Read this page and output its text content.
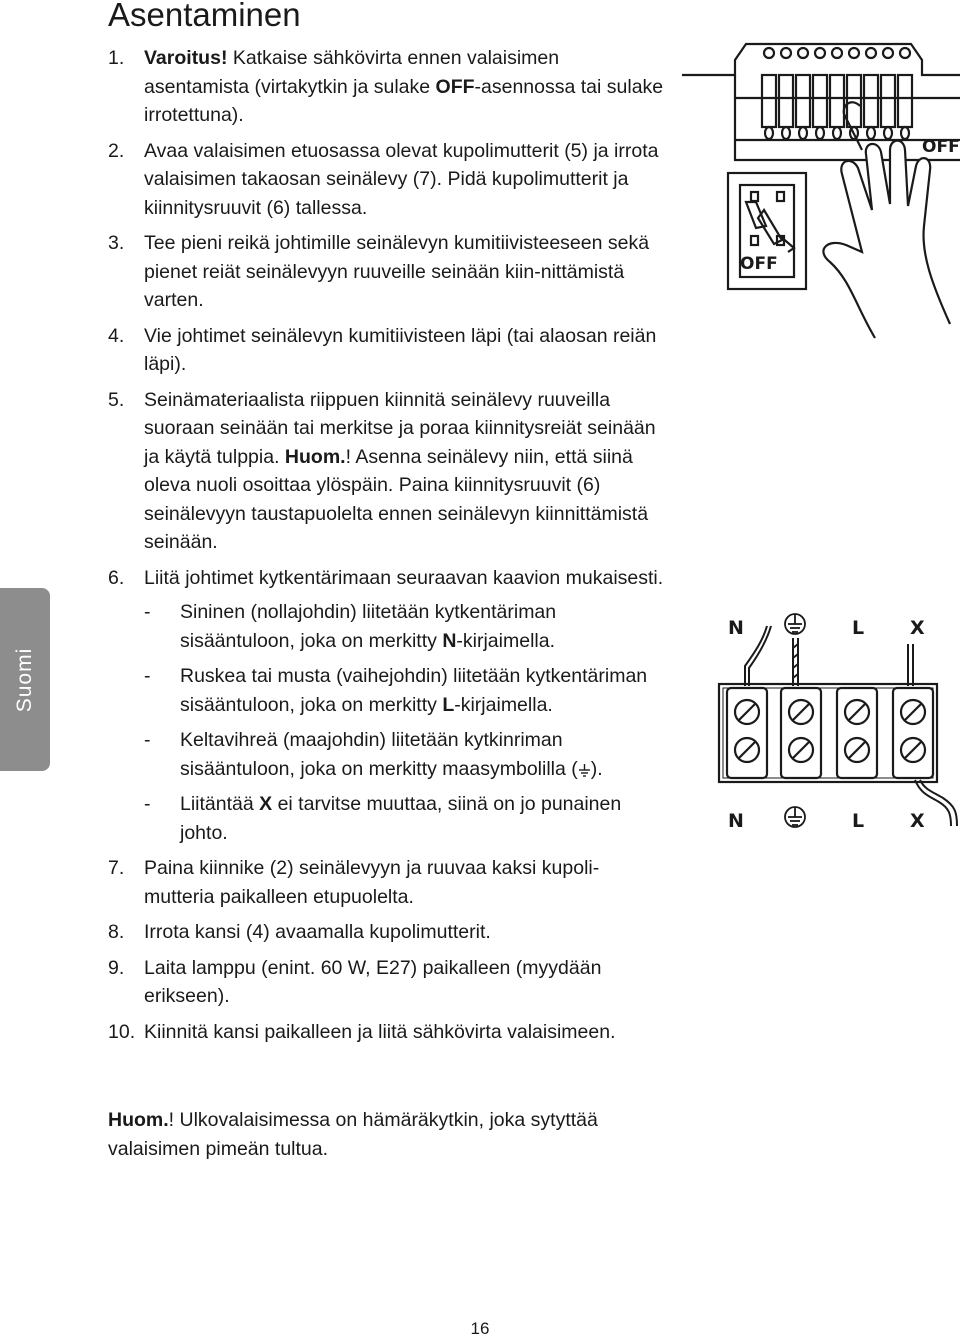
Asentaminen
Suomi
1. Varoitus! Katkaise sähkövirta ennen valaisimen asentamista (virtakytkin ja sulake OFF-asennossa tai sulake irrotettuna).
2. Avaa valaisimen etuosassa olevat kupolimutterit (5) ja irrota valaisimen takaosan seinälevy (7). Pidä kupolimutterit ja kiinnitysruuvit (6) tallessa.
3. Tee pieni reikä johtimille seinälevyn kumitiivisteeseen sekä pienet reiät seinälevyyn ruuveille seinään kiin-nittämistä varten.
4. Vie johtimet seinälevyn kumitiivisteen läpi (tai alaosan reiän läpi).
5. Seinämateriaalista riippuen kiinnitä seinälevy ruuveilla suoraan seinään tai merkitse ja poraa kiinnitysreiät seinään ja käytä tulppia. Huom.! Asenna seinälevy niin, että siinä oleva nuoli osoittaa ylöspäin. Paina kiinnitysruuvit (6) seinälevyyn taustapuolelta ennen seinälevyn kiinnittämistä seinään.
6. Liitä johtimet kytkentärimaan seuraavan kaavion mukaisesti.
- Sininen (nollajohdin) liitetään kytkentäriman sisääntuloon, joka on merkitty N-kirjaimella.
- Ruskea tai musta (vaihejohdin) liitetään kytkentäriman sisääntuloon, joka on merkitty L-kirjaimella.
- Keltavihreä (maajohdin) liitetään kytkinriman sisääntuloon, joka on merkitty maasymbolilla ( ).
- Liitäntää X ei tarvitse muuttaa, siinä on jo punainen johto.
7. Paina kiinnike (2) seinälevyyn ja ruuvaa kaksi kupoli-mutteria paikalleen etupuolelta.
8. Irrota kansi (4) avaamalla kupolimutterit.
9. Laita lamppu (enint. 60 W, E27) paikalleen (myydään erikseen).
10. Kiinnitä kansi paikalleen ja liitä sähkövirta valaisimeen.

Huom.! Ulkovalaisimessa on hämäräkytkin, joka sytyttää valaisimen pimeän tultua.

OFF
OFF
N	L X
N	L X
16
